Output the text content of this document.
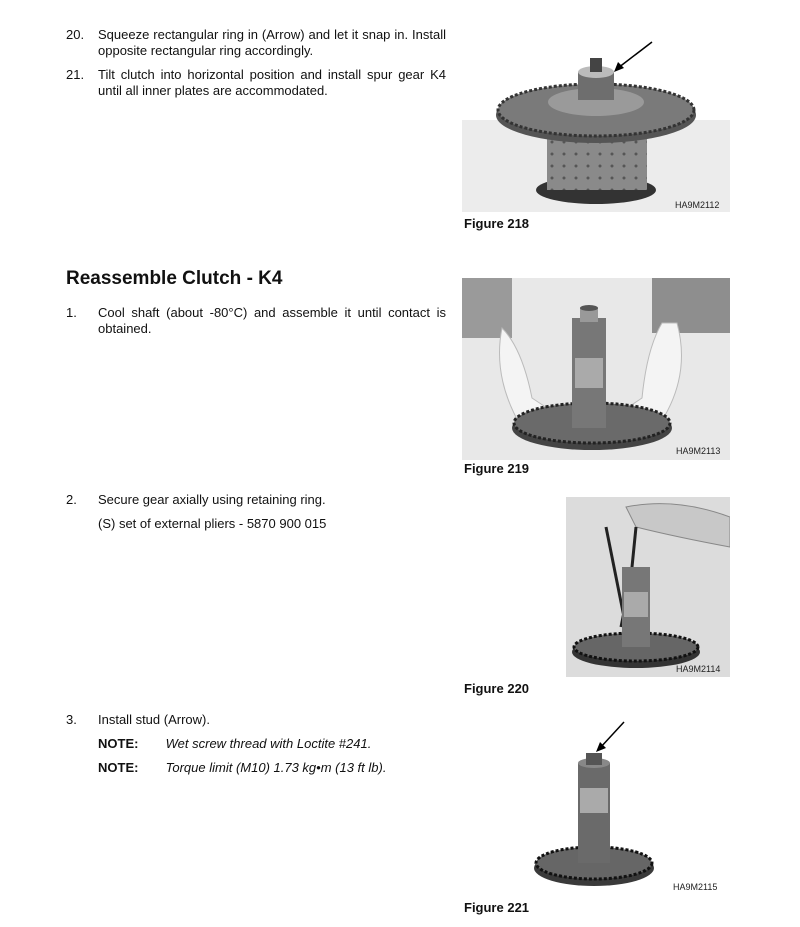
20. Squeeze rectangular ring in (Arrow) and let it snap in. Install opposite rectangular ring accordingly.
21. Tilt clutch into horizontal position and install spur gear K4 until all inner plates are accommodated.
HA9M2112
Figure 218
Reassemble Clutch - K4
1. Cool shaft (about -80°C) and assemble it until contact is obtained.
HA9M2113
Figure 219
2. Secure gear axially using retaining ring.
(S) set of external pliers - 5870 900 015
HA9M2114
Figure 220
3. Install stud (Arrow).
NOTE: Wet screw thread with Loctite #241.
NOTE: Torque limit (M10) 1.73 kg•m (13 ft lb).
HA9M2115
Figure 221
